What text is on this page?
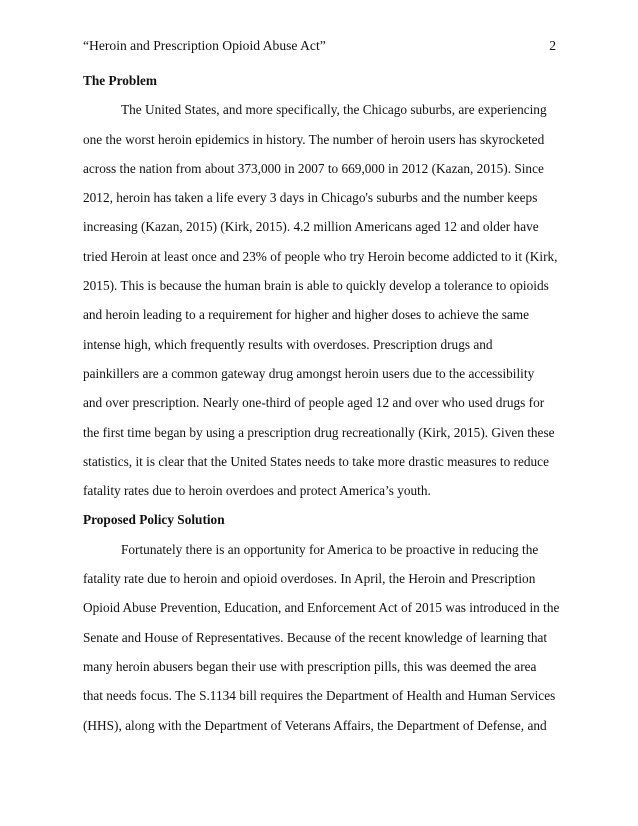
“Heroin and Prescription Opioid Abuse Act”	2
The Problem
The United States, and more specifically, the Chicago suburbs, are experiencing
one the worst heroin epidemics in history. The number of heroin users has skyrocketed
across the nation from about 373,000 in 2007 to 669,000 in 2012 (Kazan, 2015). Since
2012, heroin has taken a life every 3 days in Chicago's suburbs and the number keeps
increasing (Kazan, 2015) (Kirk, 2015). 4.2 million Americans aged 12 and older have
tried Heroin at least once and 23% of people who try Heroin become addicted to it (Kirk,
2015). This is because the human brain is able to quickly develop a tolerance to opioids
and heroin leading to a requirement for higher and higher doses to achieve the same
intense high, which frequently results with overdoses. Prescription drugs and
painkillers are a common gateway drug amongst heroin users due to the accessibility
and over prescription. Nearly one-third of people aged 12 and over who used drugs for
the first time began by using a prescription drug recreationally (Kirk, 2015). Given these
statistics, it is clear that the United States needs to take more drastic measures to reduce
fatality rates due to heroin overdoes and protect America’s youth.
Proposed Policy Solution
Fortunately there is an opportunity for America to be proactive in reducing the
fatality rate due to heroin and opioid overdoses. In April, the Heroin and Prescription
Opioid Abuse Prevention, Education, and Enforcement Act of 2015 was introduced in the
Senate and House of Representatives. Because of the recent knowledge of learning that
many heroin abusers began their use with prescription pills, this was deemed the area
that needs focus. The S.1134 bill requires the Department of Health and Human Services
(HHS), along with the Department of Veterans Affairs, the Department of Defense, and
